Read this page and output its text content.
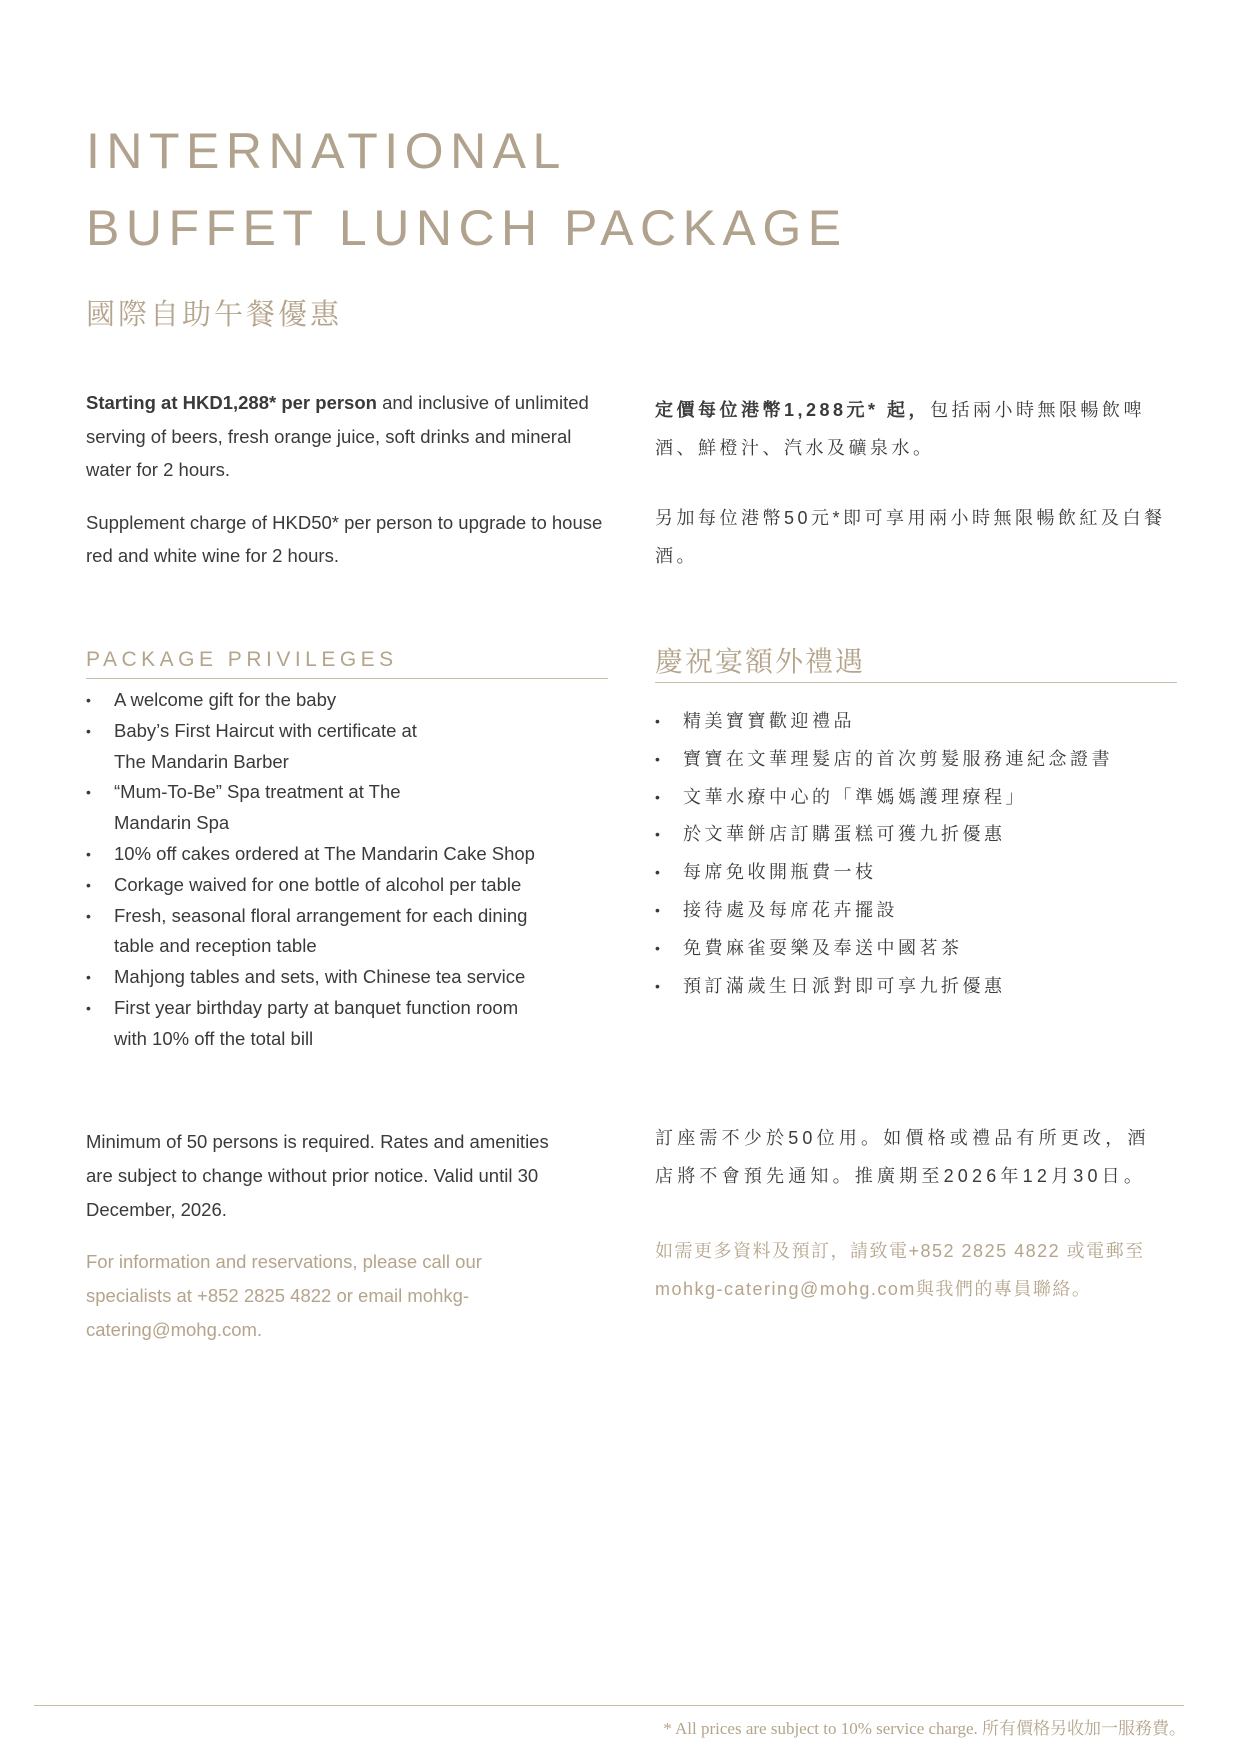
INTERNATIONAL
BUFFET LUNCH PACKAGE
國際自助午餐優惠

Starting at HKD1,288* per person and inclusive of unlimited serving of beers, fresh orange juice, soft drinks and mineral water for 2 hours.

Supplement charge of HKD50* per person to upgrade to house red and white wine for 2 hours.

定價每位港幣1,288元* 起，包括兩小時無限暢飲啤酒、鮮橙汁、汽水及礦泉水。

另加每位港幣50元*即可享用兩小時無限暢飲紅及白餐酒。

PACKAGE PRIVILEGES
• A welcome gift for the baby
• Baby’s First Haircut with certificate at The Mandarin Barber
• “Mum-To-Be” Spa treatment at The Mandarin Spa
• 10% off cakes ordered at The Mandarin Cake Shop
• Corkage waived for one bottle of alcohol per table
• Fresh, seasonal floral arrangement for each dining table and reception table
• Mahjong tables and sets, with Chinese tea service
• First year birthday party at banquet function room with 10% off the total bill
慶祝宴額外禮遇
• 精美寶寶歡迎禮品
• 寶寶在文華理髮店的首次剪髮服務連紀念證書
• 文華水療中心的「準媽媽護理療程」
• 於文華餅店訂購蛋糕可獲九折優惠
• 每席免收開瓶費一枝
• 接待處及每席花卉擺設
• 免費麻雀耍樂及奉送中國茗茶
• 預訂滿歲生日派對即可享九折優惠

Minimum of 50 persons is required. Rates and amenities are subject to change without prior notice. Valid until 30 December, 2026.

訂座需不少於50位用。如價格或禮品有所更改，酒店將不會預先通知。推廣期至2026年12月30日。

For information and reservations, please call our specialists at +852 2825 4822 or email mohkg-catering@mohg.com.

如需更多資料及預訂，請致電+852 2825 4822 或電郵至mohkg-catering@mohg.com與我們的專員聯絡。

* All prices are subject to 10% service charge. 所有價格另收加一服務費。
